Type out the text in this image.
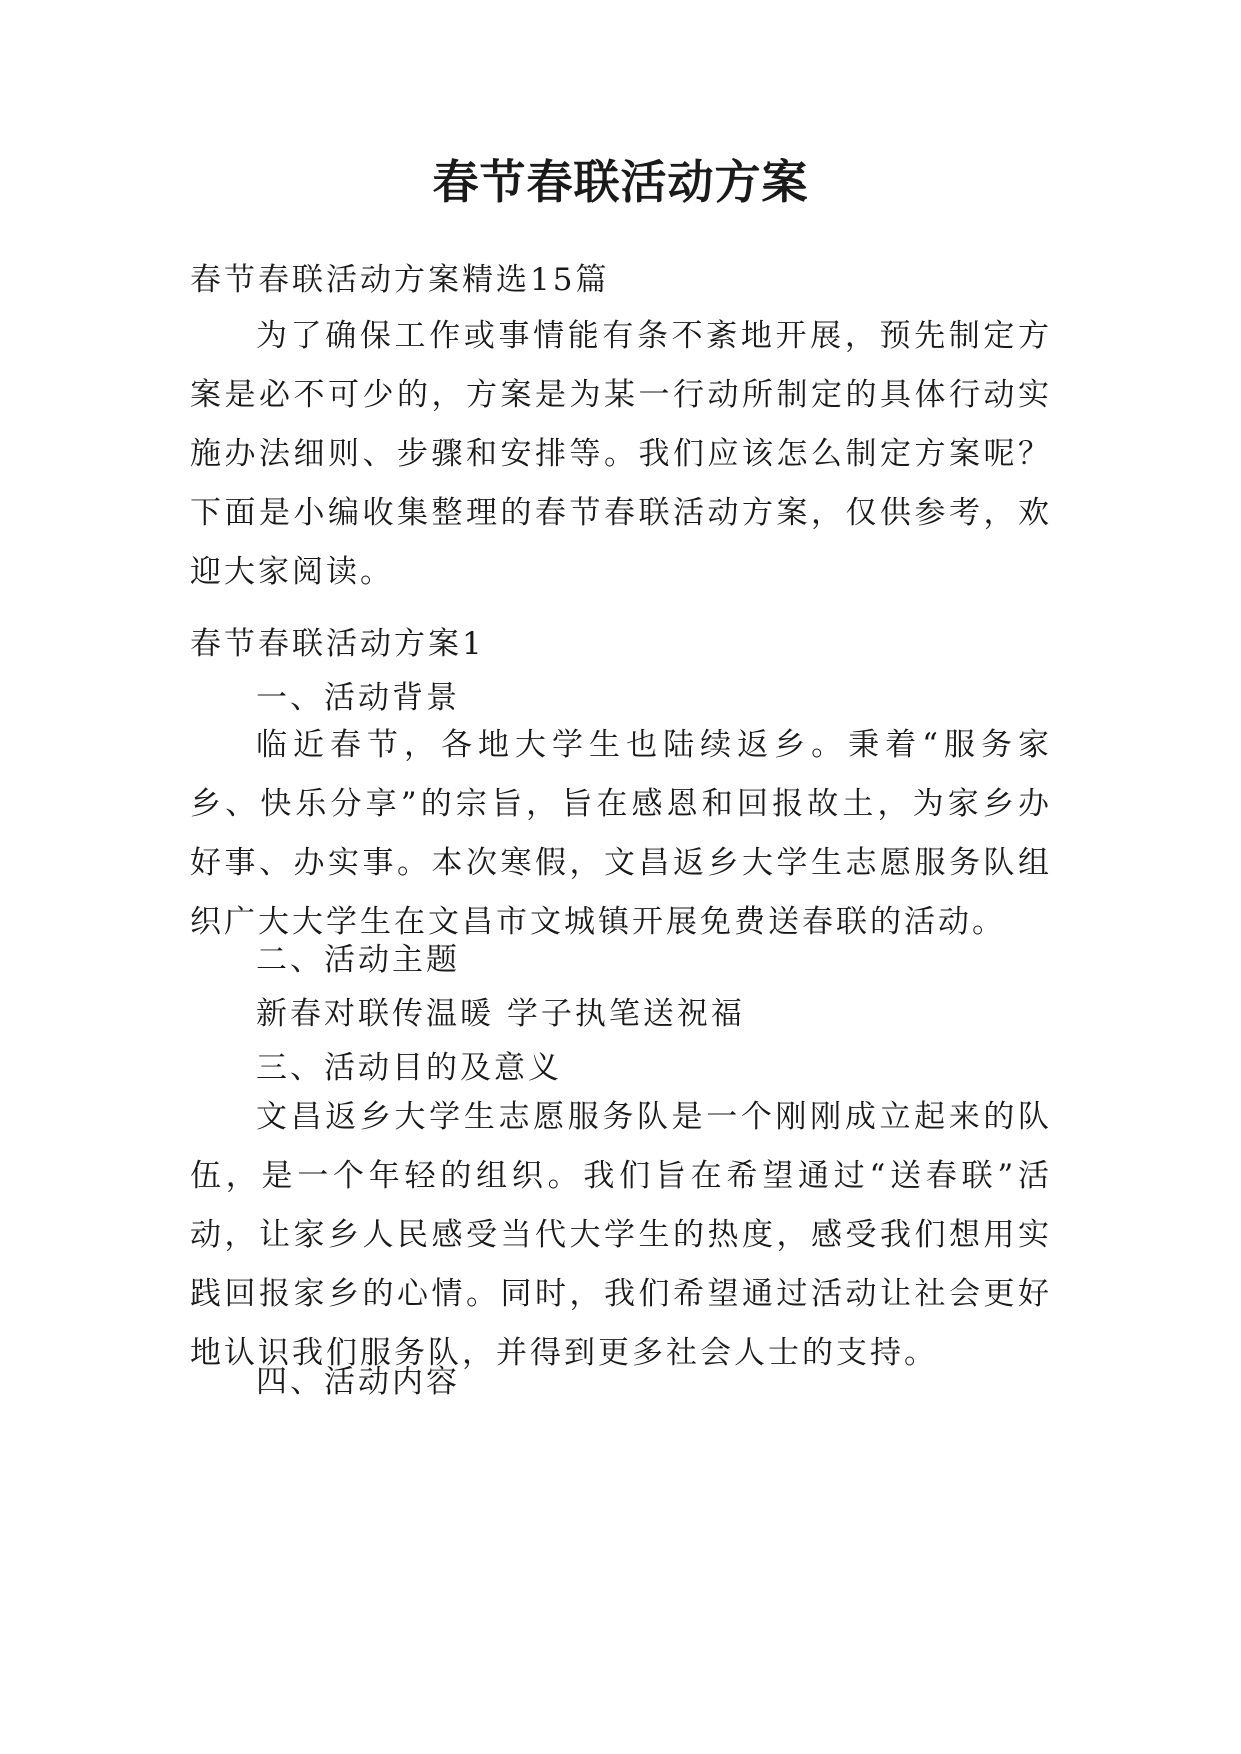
春节春联活动方案
春节春联活动方案精选15篇

为了确保工作或事情能有条不紊地开展，预先制定方案是必不可少的，方案是为某一行动所制定的具体行动实施办法细则、步骤和安排等。我们应该怎么制定方案呢？下面是小编收集整理的春节春联活动方案，仅供参考，欢迎大家阅读。

春节春联活动方案1
一、活动背景

临近春节，各地大学生也陆续返乡。秉着“服务家乡、快乐分享”的宗旨，旨在感恩和回报故土，为家乡办好事、办实事。本次寒假，文昌返乡大学生志愿服务队组织广大大学生在文昌市文城镇开展免费送春联的活动。

二、活动主题
新春对联传温暖 学子执笔送祝福
三、活动目的及意义

文昌返乡大学生志愿服务队是一个刚刚成立起来的队伍，是一个年轻的组织。我们旨在希望通过“送春联”活动，让家乡人民感受当代大学生的热度，感受我们想用实践回报家乡的心情。同时，我们希望通过活动让社会更好地认识我们服务队，并得到更多社会人士的支持。

四、活动内容
